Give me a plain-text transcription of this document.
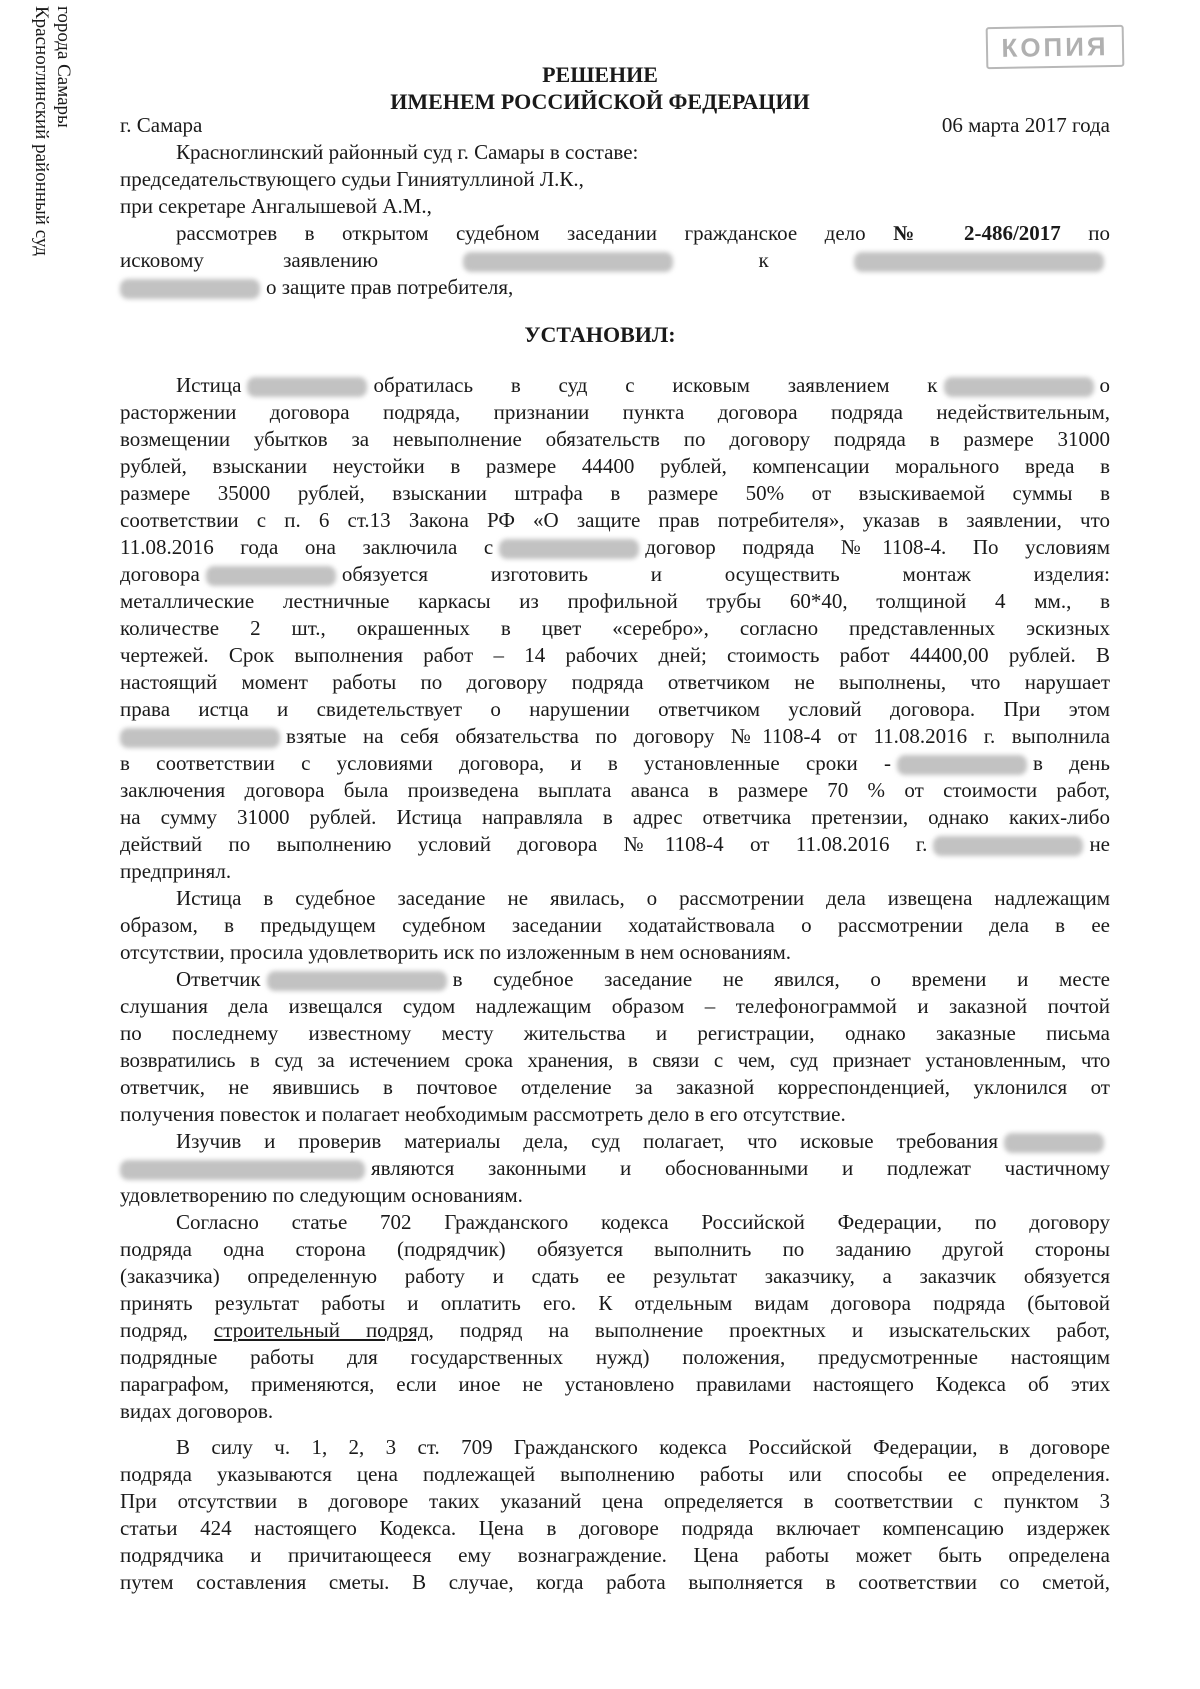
Красноглинский районный суд города Самары	КОПИЯ
РЕШЕНИЕ
ИМЕНЕМ РОССИЙСКОЙ ФЕДЕРАЦИИ
г. Самара	06 марта 2017 года
Красноглинский районный суд г. Самары в составе:
председательствующего судьи Гиниятуллиной Л.К.,
при секретаре Ангалышевой А.М.,
рассмотрев в открытом судебном заседании гражданское дело № 2-486/2017 по
исковому	заявлению	к
о защите прав потребителя,
УСТАНОВИЛ:
Истица	обратилась в суд с исковым заявлением к	о
расторжении договора подряда, признании пункта договора подряда недействительным,
возмещении убытков за невыполнение обязательств по договору подряда в размере 31000
рублей, взыскании неустойки в размере 44400 рублей, компенсации морального вреда в
размере 35000 рублей, взыскании штрафа в размере 50% от взыскиваемой суммы в
соответствии с п. 6 ст.13 Закона РФ «О защите прав потребителя», указав в заявлении, что
11.08.2016 года она заключила с	договор подряда №1108-4. По условиям
договора	обязуется изготовить и осуществить монтаж изделия:
металлические лестничные каркасы из профильной трубы 60*40, толщиной 4 мм., в
количестве 2 шт., окрашенных в цвет «серебро», согласно представленных эскизных
чертежей. Срок выполнения работ – 14 рабочих дней; стоимость работ 44400,00 рублей. В
настоящий момент работы по договору подряда ответчиком не выполнены, что нарушает
права истца и свидетельствует о нарушении ответчиком условий договора. При этом
взятые на себя обязательства по договору №1108-4 от 11.08.2016 г. выполнила
в соответствии с условиями договора, и в установленные сроки -	в день
заключения договора была произведена выплата аванса в размере 70 % от стоимости работ,
на сумму 31000 рублей. Истица направляла в адрес ответчика претензии, однако каких-либо
действий по выполнению условий договора №1108-4 от 11.08.2016 г.	не
предпринял.
Истица в судебное заседание не явилась, о рассмотрении дела извещена надлежащим
образом, в предыдущем судебном заседании ходатайствовала о рассмотрении дела в ее
отсутствии, просила удовлетворить иск по изложенным в нем основаниям.
Ответчик	в судебное заседание не явился, о времени и месте
слушания дела извещался судом надлежащим образом – телефонограммой и заказной почтой
по последнему известному месту жительства и регистрации, однако заказные письма
возвратились в суд за истечением срока хранения, в связи с чем, суд признает установленным, что
ответчик, не явившись в почтовое отделение за заказной корреспонденцией, уклонился от
получения повесток и полагает необходимым рассмотреть дело в его отсутствие.
Изучив и проверив материалы дела, суд полагает, что исковые требования
являются законными и обоснованными и подлежат частичному
удовлетворению по следующим основаниям.
Согласно статье 702 Гражданского кодекса Российской Федерации, по договору
подряда одна сторона (подрядчик) обязуется выполнить по заданию другой стороны
(заказчика) определенную работу и сдать ее результат заказчику, а заказчик обязуется
принять результат работы и оплатить его. К отдельным видам договора подряда (бытовой
подряд, строительный подряд, подряд на выполнение проектных и изыскательских работ,
подрядные работы для государственных нужд) положения, предусмотренные настоящим
параграфом, применяются, если иное не установлено правилами настоящего Кодекса об этих
видах договоров.
В силу ч. 1, 2, 3 ст. 709 Гражданского кодекса Российской Федерации, в договоре
подряда указываются цена подлежащей выполнению работы или способы ее определения.
При отсутствии в договоре таких указаний цена определяется в соответствии с пунктом 3
статьи 424 настоящего Кодекса. Цена в договоре подряда включает компенсацию издержек
подрядчика и причитающееся ему вознаграждение. Цена работы может быть определена
путем составления сметы. В случае, когда работа выполняется в соответствии со сметой,
